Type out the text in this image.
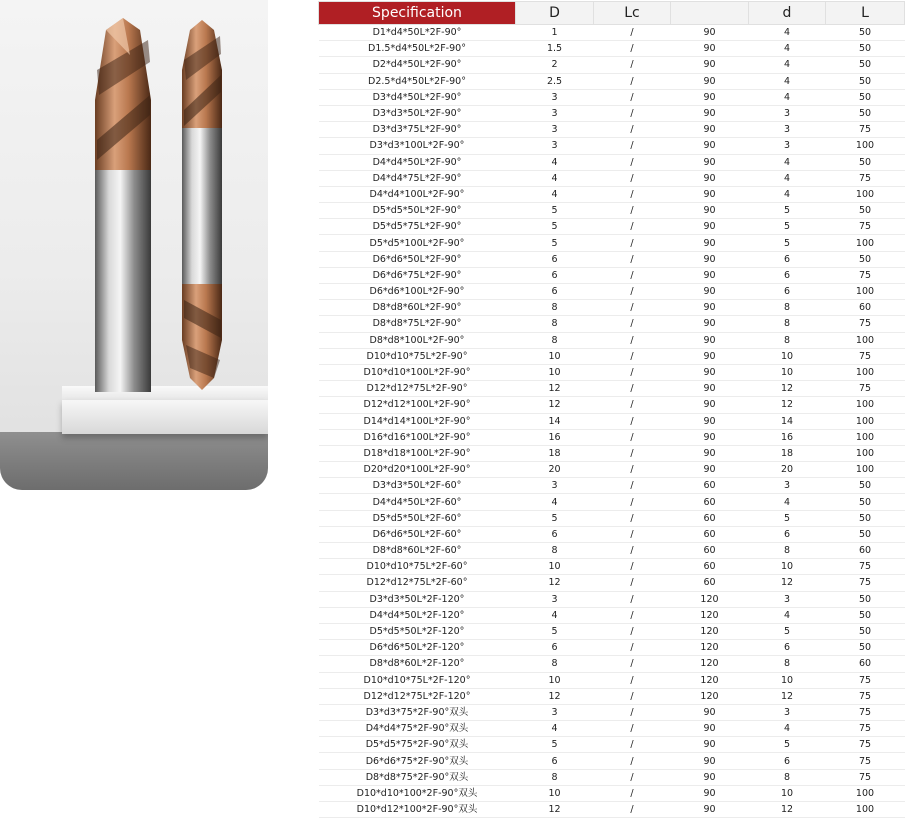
Specification	D	Lc		d	L
D1*d4*50L*2F-90°	1	/	90	4	50
D1.5*d4*50L*2F-90°	1.5	/	90	4	50
D2*d4*50L*2F-90°	2	/	90	4	50
D2.5*d4*50L*2F-90°	2.5	/	90	4	50
D3*d4*50L*2F-90°	3	/	90	4	50
D3*d3*50L*2F-90°	3	/	90	3	50
D3*d3*75L*2F-90°	3	/	90	3	75
D3*d3*100L*2F-90°	3	/	90	3	100
D4*d4*50L*2F-90°	4	/	90	4	50
D4*d4*75L*2F-90°	4	/	90	4	75
D4*d4*100L*2F-90°	4	/	90	4	100
D5*d5*50L*2F-90°	5	/	90	5	50
D5*d5*75L*2F-90°	5	/	90	5	75
D5*d5*100L*2F-90°	5	/	90	5	100
D6*d6*50L*2F-90°	6	/	90	6	50
D6*d6*75L*2F-90°	6	/	90	6	75
D6*d6*100L*2F-90°	6	/	90	6	100
D8*d8*60L*2F-90°	8	/	90	8	60
D8*d8*75L*2F-90°	8	/	90	8	75
D8*d8*100L*2F-90°	8	/	90	8	100
D10*d10*75L*2F-90°	10	/	90	10	75
D10*d10*100L*2F-90°	10	/	90	10	100
D12*d12*75L*2F-90°	12	/	90	12	75
D12*d12*100L*2F-90°	12	/	90	12	100
D14*d14*100L*2F-90°	14	/	90	14	100
D16*d16*100L*2F-90°	16	/	90	16	100
D18*d18*100L*2F-90°	18	/	90	18	100
D20*d20*100L*2F-90°	20	/	90	20	100
D3*d3*50L*2F-60°	3	/	60	3	50
D4*d4*50L*2F-60°	4	/	60	4	50
D5*d5*50L*2F-60°	5	/	60	5	50
D6*d6*50L*2F-60°	6	/	60	6	50
D8*d8*60L*2F-60°	8	/	60	8	60
D10*d10*75L*2F-60°	10	/	60	10	75
D12*d12*75L*2F-60°	12	/	60	12	75
D3*d3*50L*2F-120°	3	/	120	3	50
D4*d4*50L*2F-120°	4	/	120	4	50
D5*d5*50L*2F-120°	5	/	120	5	50
D6*d6*50L*2F-120°	6	/	120	6	50
D8*d8*60L*2F-120°	8	/	120	8	60
D10*d10*75L*2F-120°	10	/	120	10	75
D12*d12*75L*2F-120°	12	/	120	12	75
D3*d3*75*2F-90°双头	3	/	90	3	75
D4*d4*75*2F-90°双头	4	/	90	4	75
D5*d5*75*2F-90°双头	5	/	90	5	75
D6*d6*75*2F-90°双头	6	/	90	6	75
D8*d8*75*2F-90°双头	8	/	90	8	75
D10*d10*100*2F-90°双头	10	/	90	10	100
D10*d12*100*2F-90°双头	12	/	90	12	100
